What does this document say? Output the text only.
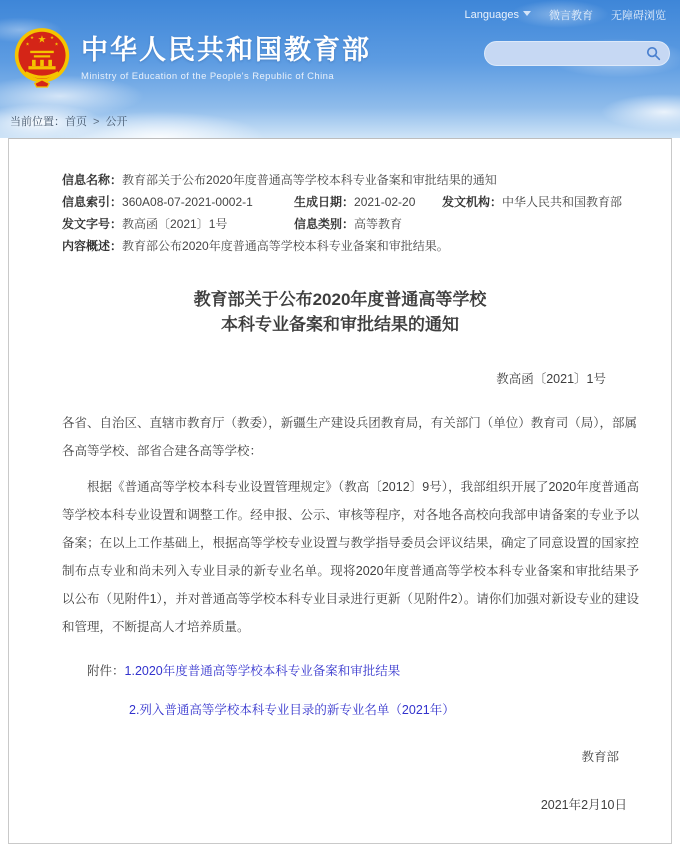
Languages	微言教育 无障碍浏览
★
★	★
★	★ 中华人民共和国教育部
Ministry of Education of the People's Republic of China
当前位置：首页 > 公开
信息名称： 教育部关于公布2020年度普通高等学校本科专业备案和审批结果的通知
信息索引： 360A08-07-2021-0002-1	生成日期： 2021-02-20 发文机构： 中华人民共和国教育部
发文字号： 教高函〔2021〕1号	信息类别： 高等教育
内容概述： 教育部公布2020年度普通高等学校本科专业备案和审批结果。
教育部关于公布2020年度普通高等学校
本科专业备案和审批结果的通知
教高函〔2021〕1号
各省、自治区、直辖市教育厅（教委），新疆生产建设兵团教育局，有关部门（单位）教育司（局），部属各高等学校、部省合建各高等学校：
根据《普通高等学校本科专业设置管理规定》（教高〔2012〕9号），我部组织开展了2020年度普通高等学校本科专业设置和调整工作。经申报、公示、审核等程序，对各地各高校向我部申请备案的专业予以备案；在以上工作基础上，根据高等学校专业设置与教学指导委员会评议结果，确定了同意设置的国家控制布点专业和尚未列入专业目录的新专业名单。现将2020年度普通高等学校本科专业备案和审批结果予以公布（见附件1），并对普通高等学校本科专业目录进行更新（见附件2）。请你们加强对新设专业的建设和管理，不断提高人才培养质量。
附件：1.2020年度普通高等学校本科专业备案和审批结果
2.列入普通高等学校本科专业目录的新专业名单（2021年）
教育部
2021年2月10日
